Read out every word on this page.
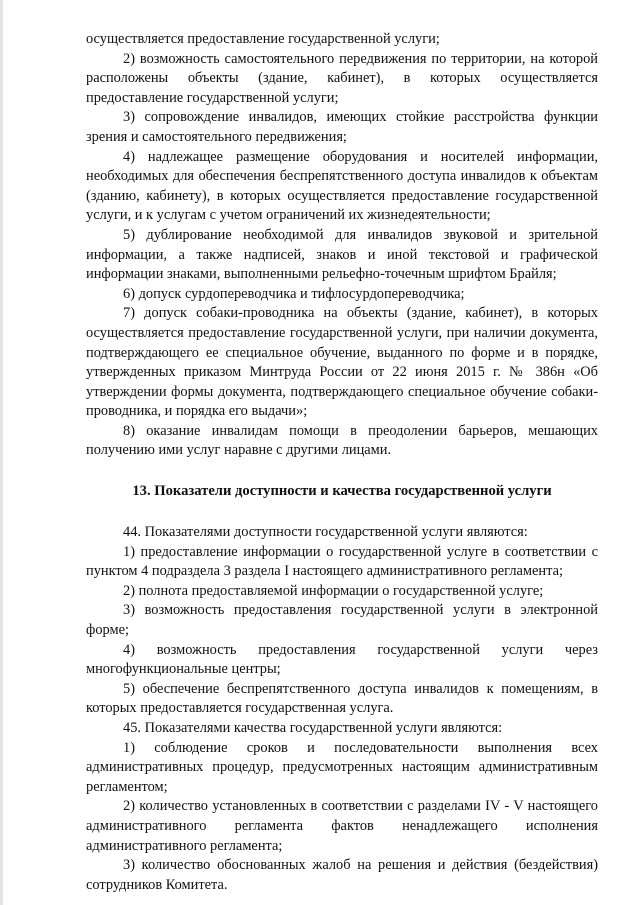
осуществляется предоставление государственной услуги;

2) возможность самостоятельного передвижения по территории, на которой расположены объекты (здание, кабинет), в которых осуществляется предоставление государственной услуги;

3) сопровождение инвалидов, имеющих стойкие расстройства функции зрения и самостоятельного передвижения;

4) надлежащее размещение оборудования и носителей информации, необходимых для обеспечения беспрепятственного доступа инвалидов к объектам (зданию, кабинету), в которых осуществляется предоставление государственной услуги, и к услугам с учетом ограничений их жизнедеятельности;

5) дублирование необходимой для инвалидов звуковой и зрительной информации, а также надписей, знаков и иной текстовой и графической информации знаками, выполненными рельефно-точечным шрифтом Брайля;

6) допуск сурдопереводчика и тифлосурдопереводчика;

7) допуск собаки-проводника на объекты (здание, кабинет), в которых осуществляется предоставление государственной услуги, при наличии документа, подтверждающего ее специальное обучение, выданного по форме и в порядке, утвержденных приказом Минтруда России от 22 июня 2015 г. № 386н «Об утверждении формы документа, подтверждающего специальное обучение собаки-проводника, и порядка его выдачи»;

8) оказание инвалидам помощи в преодолении барьеров, мешающих получению ими услуг наравне с другими лицами.

13. Показатели доступности и качества государственной услуги

44. Показателями доступности государственной услуги являются:

1) предоставление информации о государственной услуге в соответствии с пунктом 4 подраздела 3 раздела I настоящего административного регламента;

2) полнота предоставляемой информации о государственной услуге;

3) возможность предоставления государственной услуги в электронной форме;

4) возможность предоставления государственной услуги через многофункциональные центры;

5) обеспечение беспрепятственного доступа инвалидов к помещениям, в которых предоставляется государственная услуга.

45. Показателями качества государственной услуги являются:

1) соблюдение сроков и последовательности выполнения всех административных процедур, предусмотренных настоящим административным регламентом;

2) количество установленных в соответствии с разделами IV - V настоящего административного регламента фактов ненадлежащего исполнения административного регламента;

3) количество обоснованных жалоб на решения и действия (бездействия) сотрудников Комитета.
